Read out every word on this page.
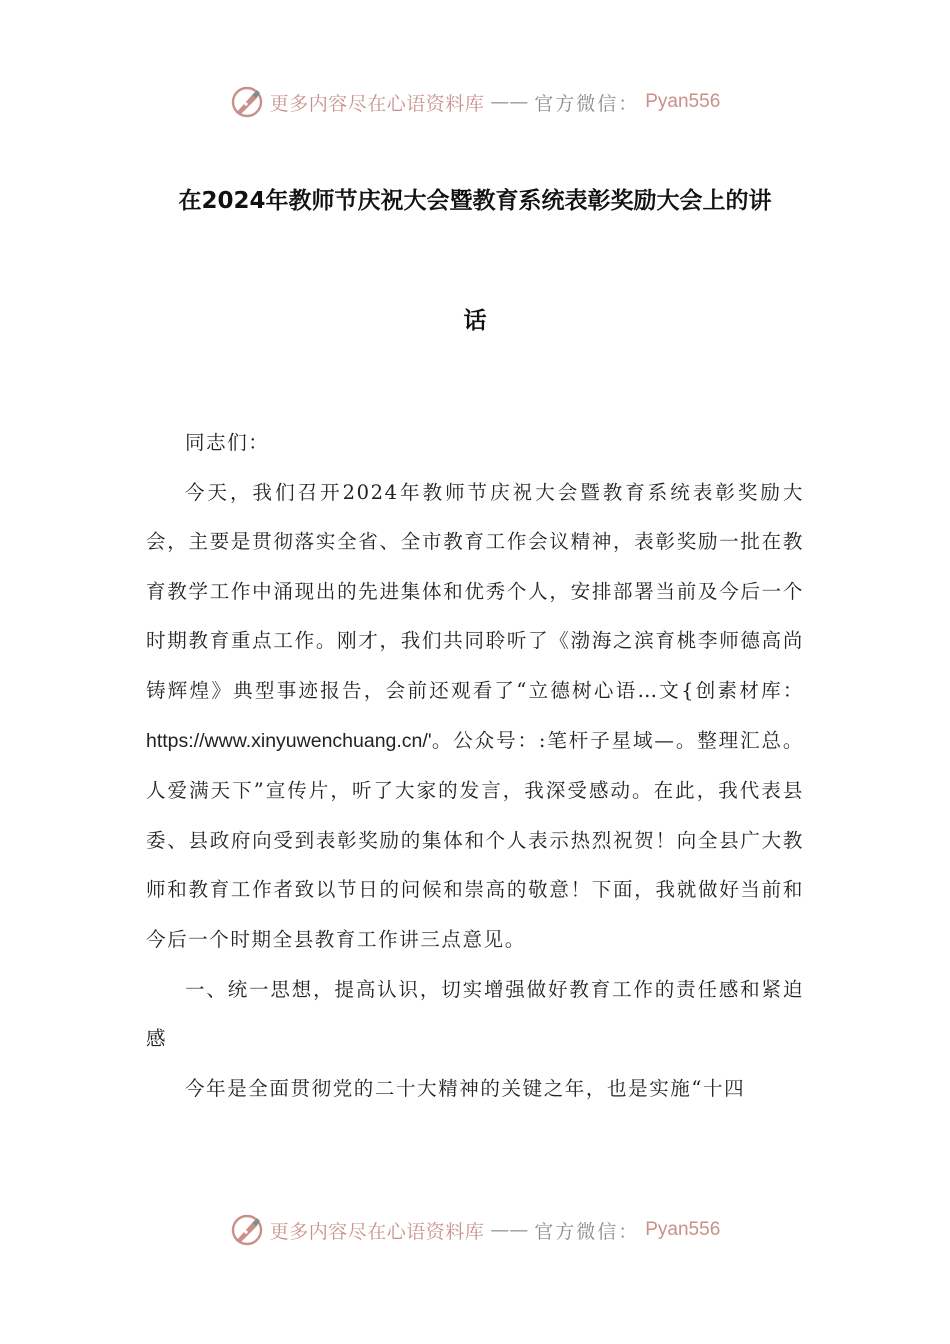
更多内容尽在心语资料库 —— 官方微信： Pyan556
在2024年教师节庆祝大会暨教育系统表彰奖励大会上的讲
话

同志们：

今天，我们召开2024年教师节庆祝大会暨教育系统表彰奖励大会，主要是贯彻落实全省、全市教育工作会议精神，表彰奖励一批在教育教学工作中涌现出的先进集体和优秀个人，安排部署当前及今后一个时期教育重点工作。刚才，我们共同聆听了《渤海之滨育桃李师德高尚铸辉煌》典型事迹报告，会前还观看了“立德树心语…文{创素材库：https://www.xinyuwenchuang.cn/'。公众号：:笔杆子星域—。整理汇总。人爱满天下”宣传片，听了大家的发言，我深受感动。在此，我代表县委、县政府向受到表彰奖励的集体和个人表示热烈祝贺！向全县广大教师和教育工作者致以节日的问候和崇高的敬意！下面，我就做好当前和今后一个时期全县教育工作讲三点意见。

一、统一思想，提高认识，切实增强做好教育工作的责任感和紧迫感

今年是全面贯彻党的二十大精神的关键之年，也是实施“十四

更多内容尽在心语资料库 —— 官方微信： Pyan556
